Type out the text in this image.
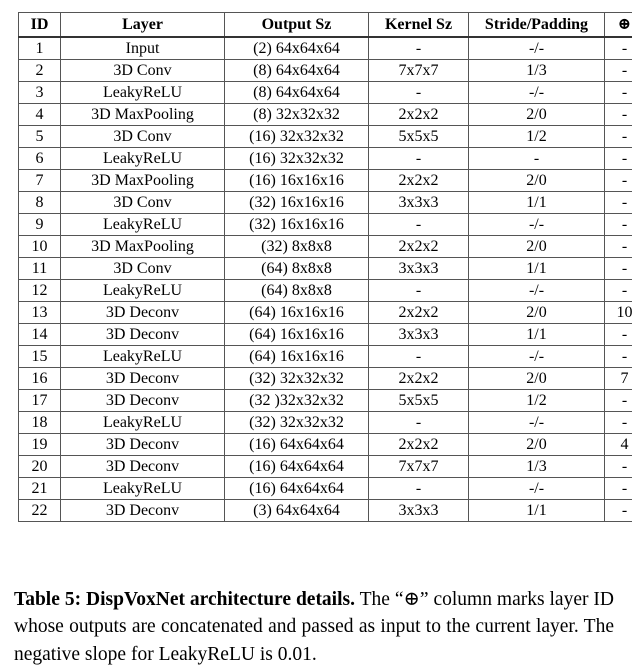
ID	Layer	Output Sz	Kernel Sz	Stride/Padding	⊕
1	Input	(2) 64x64x64	-	-/-	-
2	3D Conv	(8) 64x64x64	7x7x7	1/3	-
3	LeakyReLU	(8) 64x64x64	-	-/-	-
4	3D MaxPooling	(8) 32x32x32	2x2x2	2/0	-
5	3D Conv	(16) 32x32x32	5x5x5	1/2	-
6	LeakyReLU	(16) 32x32x32	-	-	-
7	3D MaxPooling	(16) 16x16x16	2x2x2	2/0	-
8	3D Conv	(32) 16x16x16	3x3x3	1/1	-
9	LeakyReLU	(32) 16x16x16	-	-/-	-
10	3D MaxPooling	(32) 8x8x8	2x2x2	2/0	-
11	3D Conv	(64) 8x8x8	3x3x3	1/1	-
12	LeakyReLU	(64) 8x8x8	-	-/-	-
13	3D Deconv	(64) 16x16x16	2x2x2	2/0	10
14	3D Deconv	(64) 16x16x16	3x3x3	1/1	-
15	LeakyReLU	(64) 16x16x16	-	-/-	-
16	3D Deconv	(32) 32x32x32	2x2x2	2/0	7
17	3D Deconv	(32 )32x32x32	5x5x5	1/2	-
18	LeakyReLU	(32) 32x32x32	-	-/-	-
19	3D Deconv	(16) 64x64x64	2x2x2	2/0	4
20	3D Deconv	(16) 64x64x64	7x7x7	1/3	-
21	LeakyReLU	(16) 64x64x64	-	-/-	-
22	3D Deconv	(3) 64x64x64	3x3x3	1/1	-

Table 5: DispVoxNet architecture details. The “⊕” column marks layer ID whose outputs are concatenated and passed as input to the current layer. The negative slope for LeakyReLU is 0.01.
